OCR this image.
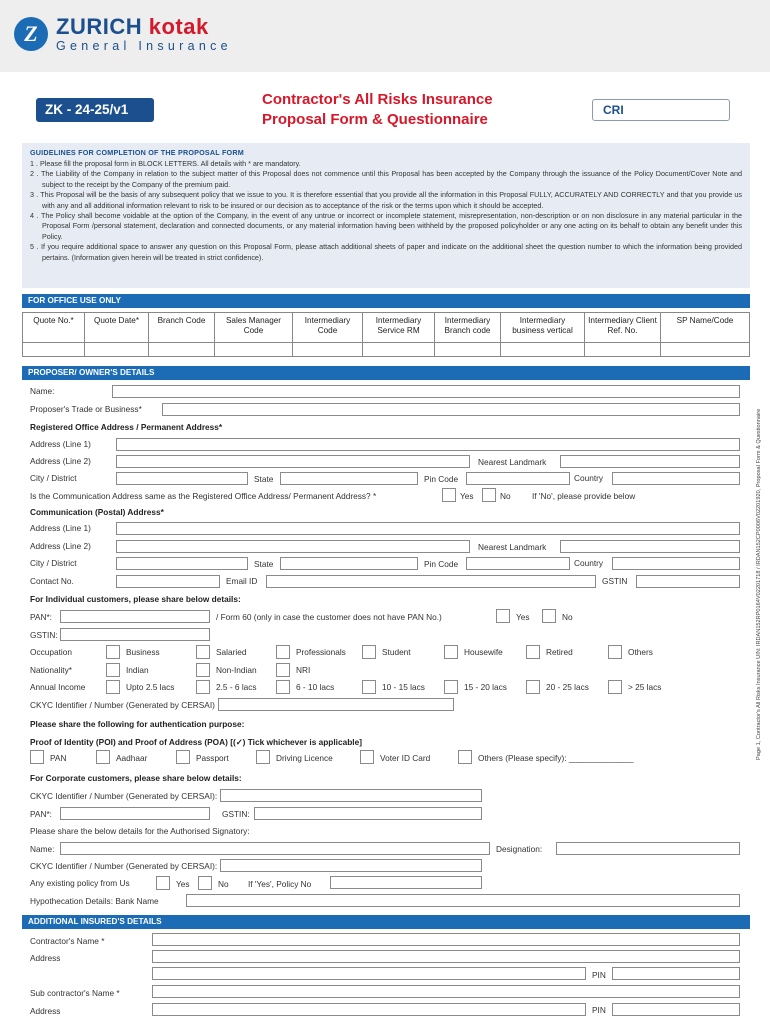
Z ZURICH kotak
General Insurance
ZK - 24-25/v1
Contractor's All Risks Insurance
Proposal Form & Questionnaire
CRI
GUIDELINES FOR COMPLETION OF THE PROPOSAL FORM
1 . Please fill the proposal form in BLOCK LETTERS. All details with * are mandatory.
2 . The Liability of the Company in relation to the subject matter of this Proposal does not commence until this Proposal has been accepted by the Company through the issuance of the Policy Document/Cover Note and subject to the receipt by the Company of the premium paid.
3 . This Proposal will be the basis of any subsequent policy that we issue to you. It is therefore essential that you provide all the information in this Proposal FULLY, ACCURATELY AND CORRECTLY and that you provide us with any and all additional information relevant to risk to be insured or our decision as to acceptance of the risk or the terms upon which it should be accepted.
4 . The Policy shall become voidable at the option of the Company, in the event of any untrue or incorrect or incomplete statement, misrepresentation, non-description or on non disclosure in any material particular in the Proposal Form /personal statement, declaration and connected documents, or any material information having been withheld by the proposed policyholder or any one acting on its behalf to obtain any benefit under this Policy.
5 . If you require additional space to answer any question on this Proposal Form, please attach additional sheets of paper and indicate on the additional sheet the question number to which the information being provided pertains. (Information given herein will be treated in strict confidence).
FOR OFFICE USE ONLY
Quote No.*	Quote Date*	Branch Code	Sales Manager Code	Intermediary Code	Intermediary Service RM	Intermediary Branch code	Intermediary business vertical	Intermediary Client Ref. No.	SP Name/Code

PROPOSER/ OWNER'S DETAILS
Name:
Proposer's Trade or Business*
Registered Office Address / Permanent Address*
Address (Line 1)
Address (Line 2)	Nearest Landmark
City / District	State	Pin Code	Country
Is the Communication Address same as the Registered Office Address/ Permanent Address? *	Yes	No	If 'No', please provide below
Communication (Postal) Address*
Address (Line 1)
Address (Line 2)	Nearest Landmark
City / District	State	Pin Code	Country
Contact No.	Email ID	GSTIN
For Individual customers, please share below details:
PAN*:	/ Form 60 (only in case the customer does not have PAN No.)	Yes	No
GSTIN:
Occupation	Business	Salaried	Professionals	Student	Housewife	Retired	Others
Nationality*	Indian	Non-Indian	NRI
Annual Income	Upto 2.5 lacs	2.5 - 6 lacs	6 - 10 lacs	10 - 15 lacs	15 - 20 lacs	20 - 25 lacs	> 25 lacs
CKYC Identifier / Number (Generated by CERSAI)
Please share the following for authentication purpose:
Proof of Identity (POI) and Proof of Address (POA) [(✓) Tick whichever is applicable]
PAN	Aadhaar	Passport	Driving Licence	Voter ID Card	Others (Please specify): ______________
For Corporate customers, please share below details:
CKYC Identifier / Number (Generated by CERSAI):
PAN*:	GSTIN:
Please share the below details for the Authorised Signatory:
Name:	Designation:
CKYC Identifier / Number (Generated by CERSAI):
Any existing policy from Us	Yes	No If 'Yes', Policy No
Hypothecation Details: Bank Name
ADDITIONAL INSURED'S DETAILS
Contractor's Name *
Address
PIN
Sub contractor's Name *
Address	PIN
Page 1, Contractor's All Risks Insurance UIN: IRDAN152RP0164V02201718 / IRDAN152CP0006V02201920, Proposal Form & Questionnaire
